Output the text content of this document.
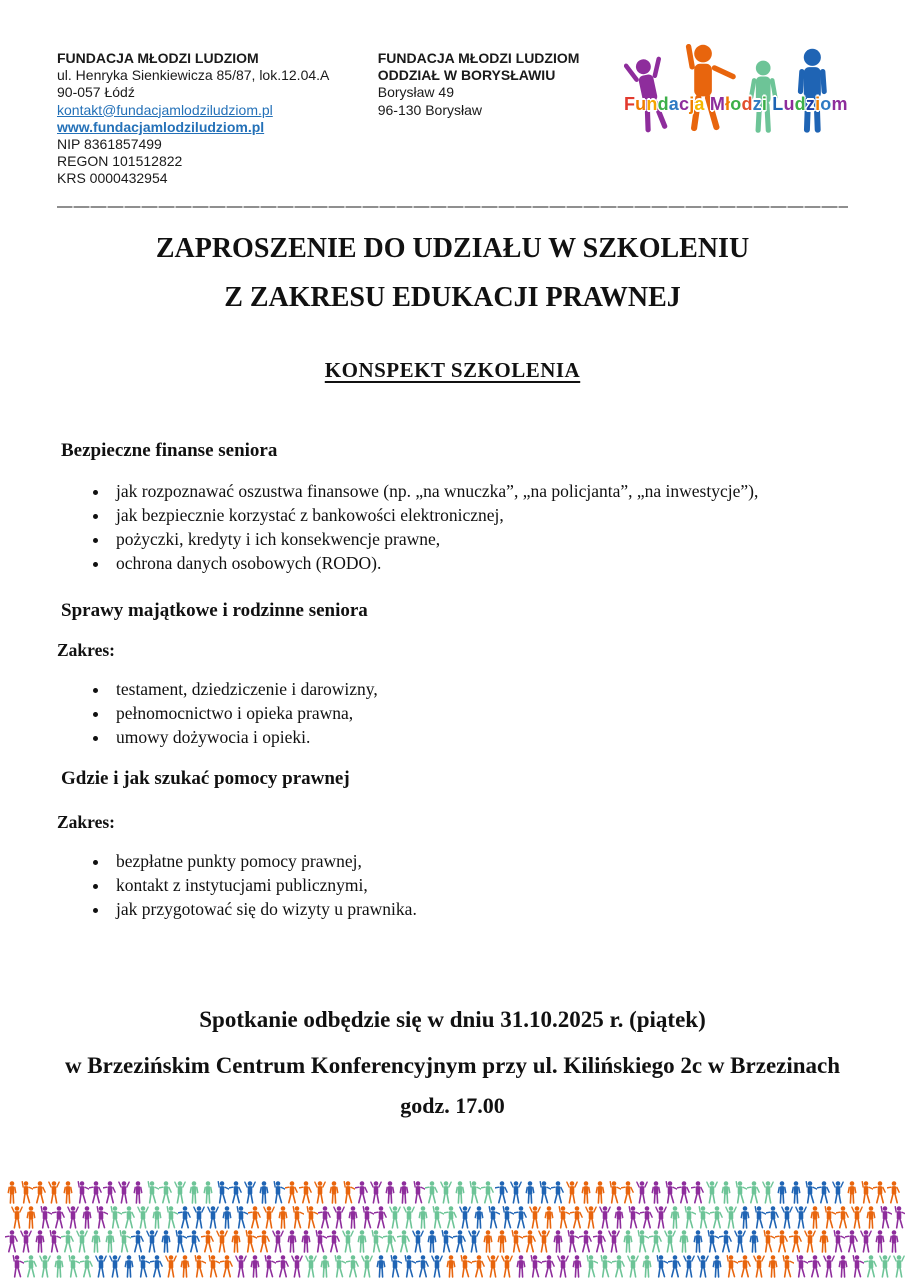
FUNDACJA MŁODZI LUDZIOM
ul. Henryka Sienkiewicza 85/87, lok.12.04.A
90-057 Łódź
kontakt@fundacjamlodziludziom.pl
www.fundacjamlodziludziom.pl
NIP 8361857499
REGON 101512822
KRS 0000432954
FUNDACJA MŁODZI LUDZIOM
ODDZIAŁ W BORYSŁAWIU
Borysław 49
96-130 Borysław	Fundacja Młodzi Ludziom
ZAPROSZENIE DO UDZIAŁU W SZKOLENIU
Z ZAKRESU EDUKACJI PRAWNEJ
KONSPEKT SZKOLENIA
Bezpieczne finanse seniora
• jak rozpoznawać oszustwa finansowe (np. „na wnuczka”, „na policjanta”, „na inwestycje”),
• jak bezpiecznie korzystać z bankowości elektronicznej,
• pożyczki, kredyty i ich konsekwencje prawne,
• ochrona danych osobowych (RODO).
Sprawy majątkowe i rodzinne seniora
Zakres:
• testament, dziedziczenie i darowizny,
• pełnomocnictwo i opieka prawna,
• umowy dożywocia i opieki.
Gdzie i jak szukać pomocy prawnej
Zakres:
• bezpłatne punkty pomocy prawnej,
• kontakt z instytucjami publicznymi,
• jak przygotować się do wizyty u prawnika.
Spotkanie odbędzie się w dniu 31.10.2025 r. (piątek)
w Brzezińskim Centrum Konferencyjnym przy ul. Kilińskiego 2c w Brzezinach
godz. 17.00
